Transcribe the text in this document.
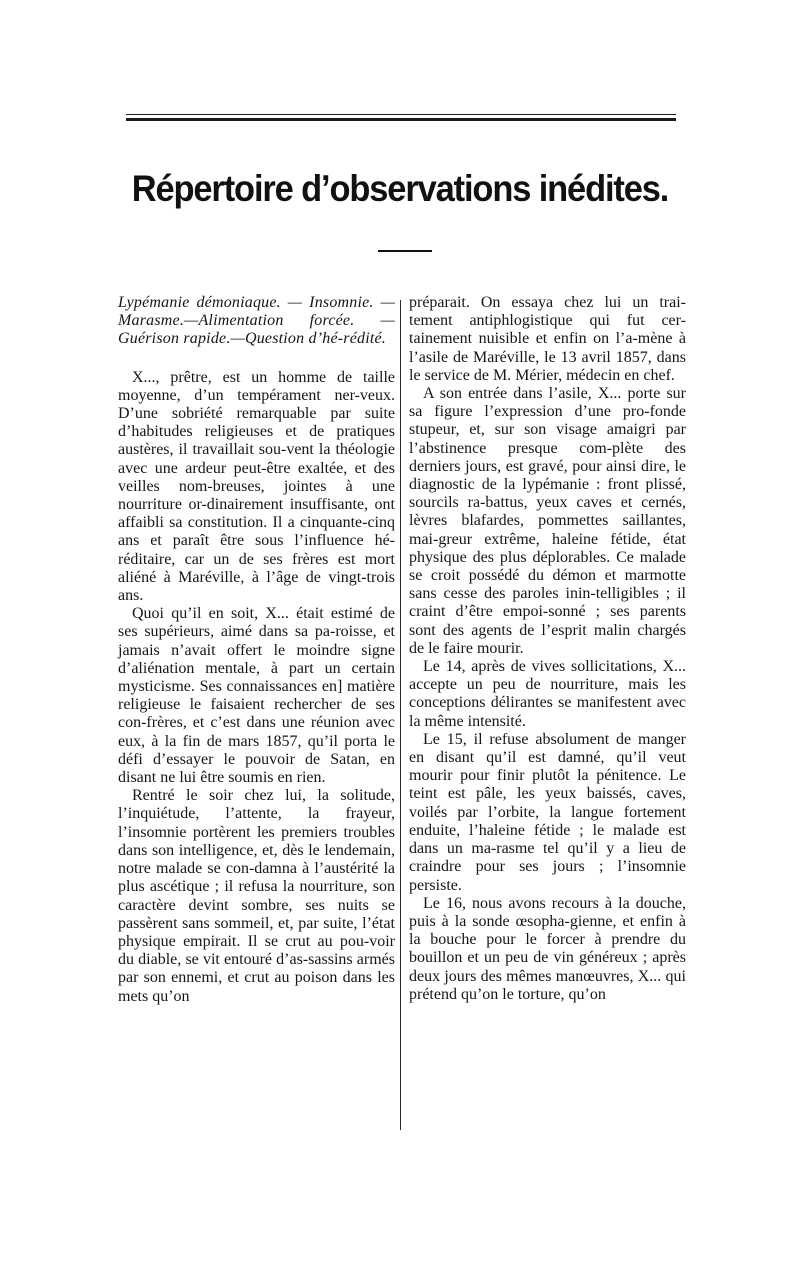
Répertoire d’observations inédites.

Lypémanie démoniaque. — Insomnie. — Marasme.—Alimentation forcée. — Guérison rapide.—Question d’hé-rédité.

X..., prêtre, est un homme de taille moyenne, d’un tempérament ner-veux. D’une sobriété remarquable par suite d’habitudes religieuses et de pratiques austères, il travaillait sou-vent la théologie avec une ardeur peut-être exaltée, et des veilles nom-breuses, jointes à une nourriture or-dinairement insuffisante, ont affaibli sa constitution. Il a cinquante-cinq ans et paraît être sous l’influence hé-réditaire, car un de ses frères est mort aliéné à Maréville, à l’âge de vingt-trois ans.

Quoi qu’il en soit, X... était estimé de ses supérieurs, aimé dans sa pa-roisse, et jamais n’avait offert le moindre signe d’aliénation mentale, à part un certain mysticisme. Ses connaissances en] matière religieuse le faisaient rechercher de ses con-frères, et c’est dans une réunion avec eux, à la fin de mars 1857, qu’il porta le défi d’essayer le pouvoir de Satan, en disant ne lui être soumis en rien.

Rentré le soir chez lui, la solitude, l’inquiétude, l’attente, la frayeur, l’insomnie portèrent les premiers troubles dans son intelligence, et, dès le lendemain, notre malade se con-damna à l’austérité la plus ascétique ; il refusa la nourriture, son caractère devint sombre, ses nuits se passèrent sans sommeil, et, par suite, l’état physique empirait. Il se crut au pou-voir du diable, se vit entouré d’as-sassins armés par son ennemi, et crut au poison dans les mets qu’on

préparait. On essaya chez lui un trai-tement antiphlogistique qui fut cer-tainement nuisible et enfin on l’a-mène à l’asile de Maréville, le 13 avril 1857, dans le service de M. Mérier, médecin en chef.

A son entrée dans l’asile, X... porte sur sa figure l’expression d’une pro-fonde stupeur, et, sur son visage amaigri par l’abstinence presque com-plète des derniers jours, est gravé, pour ainsi dire, le diagnostic de la lypémanie : front plissé, sourcils ra-battus, yeux caves et cernés, lèvres blafardes, pommettes saillantes, mai-greur extrême, haleine fétide, état physique des plus déplorables. Ce malade se croit possédé du démon et marmotte sans cesse des paroles inin-telligibles ; il craint d’être empoi-sonné ; ses parents sont des agents de l’esprit malin chargés de le faire mourir.

Le 14, après de vives sollicitations, X... accepte un peu de nourriture, mais les conceptions délirantes se manifestent avec la même intensité.

Le 15, il refuse absolument de manger en disant qu’il est damné, qu’il veut mourir pour finir plutôt la pénitence. Le teint est pâle, les yeux baissés, caves, voilés par l’orbite, la langue fortement enduite, l’haleine fétide ; le malade est dans un ma-rasme tel qu’il y a lieu de craindre pour ses jours ; l’insomnie persiste.

Le 16, nous avons recours à la douche, puis à la sonde œsopha-gienne, et enfin à la bouche pour le forcer à prendre du bouillon et un peu de vin généreux ; après deux jours des mêmes manœuvres, X... qui prétend qu’on le torture, qu’on
